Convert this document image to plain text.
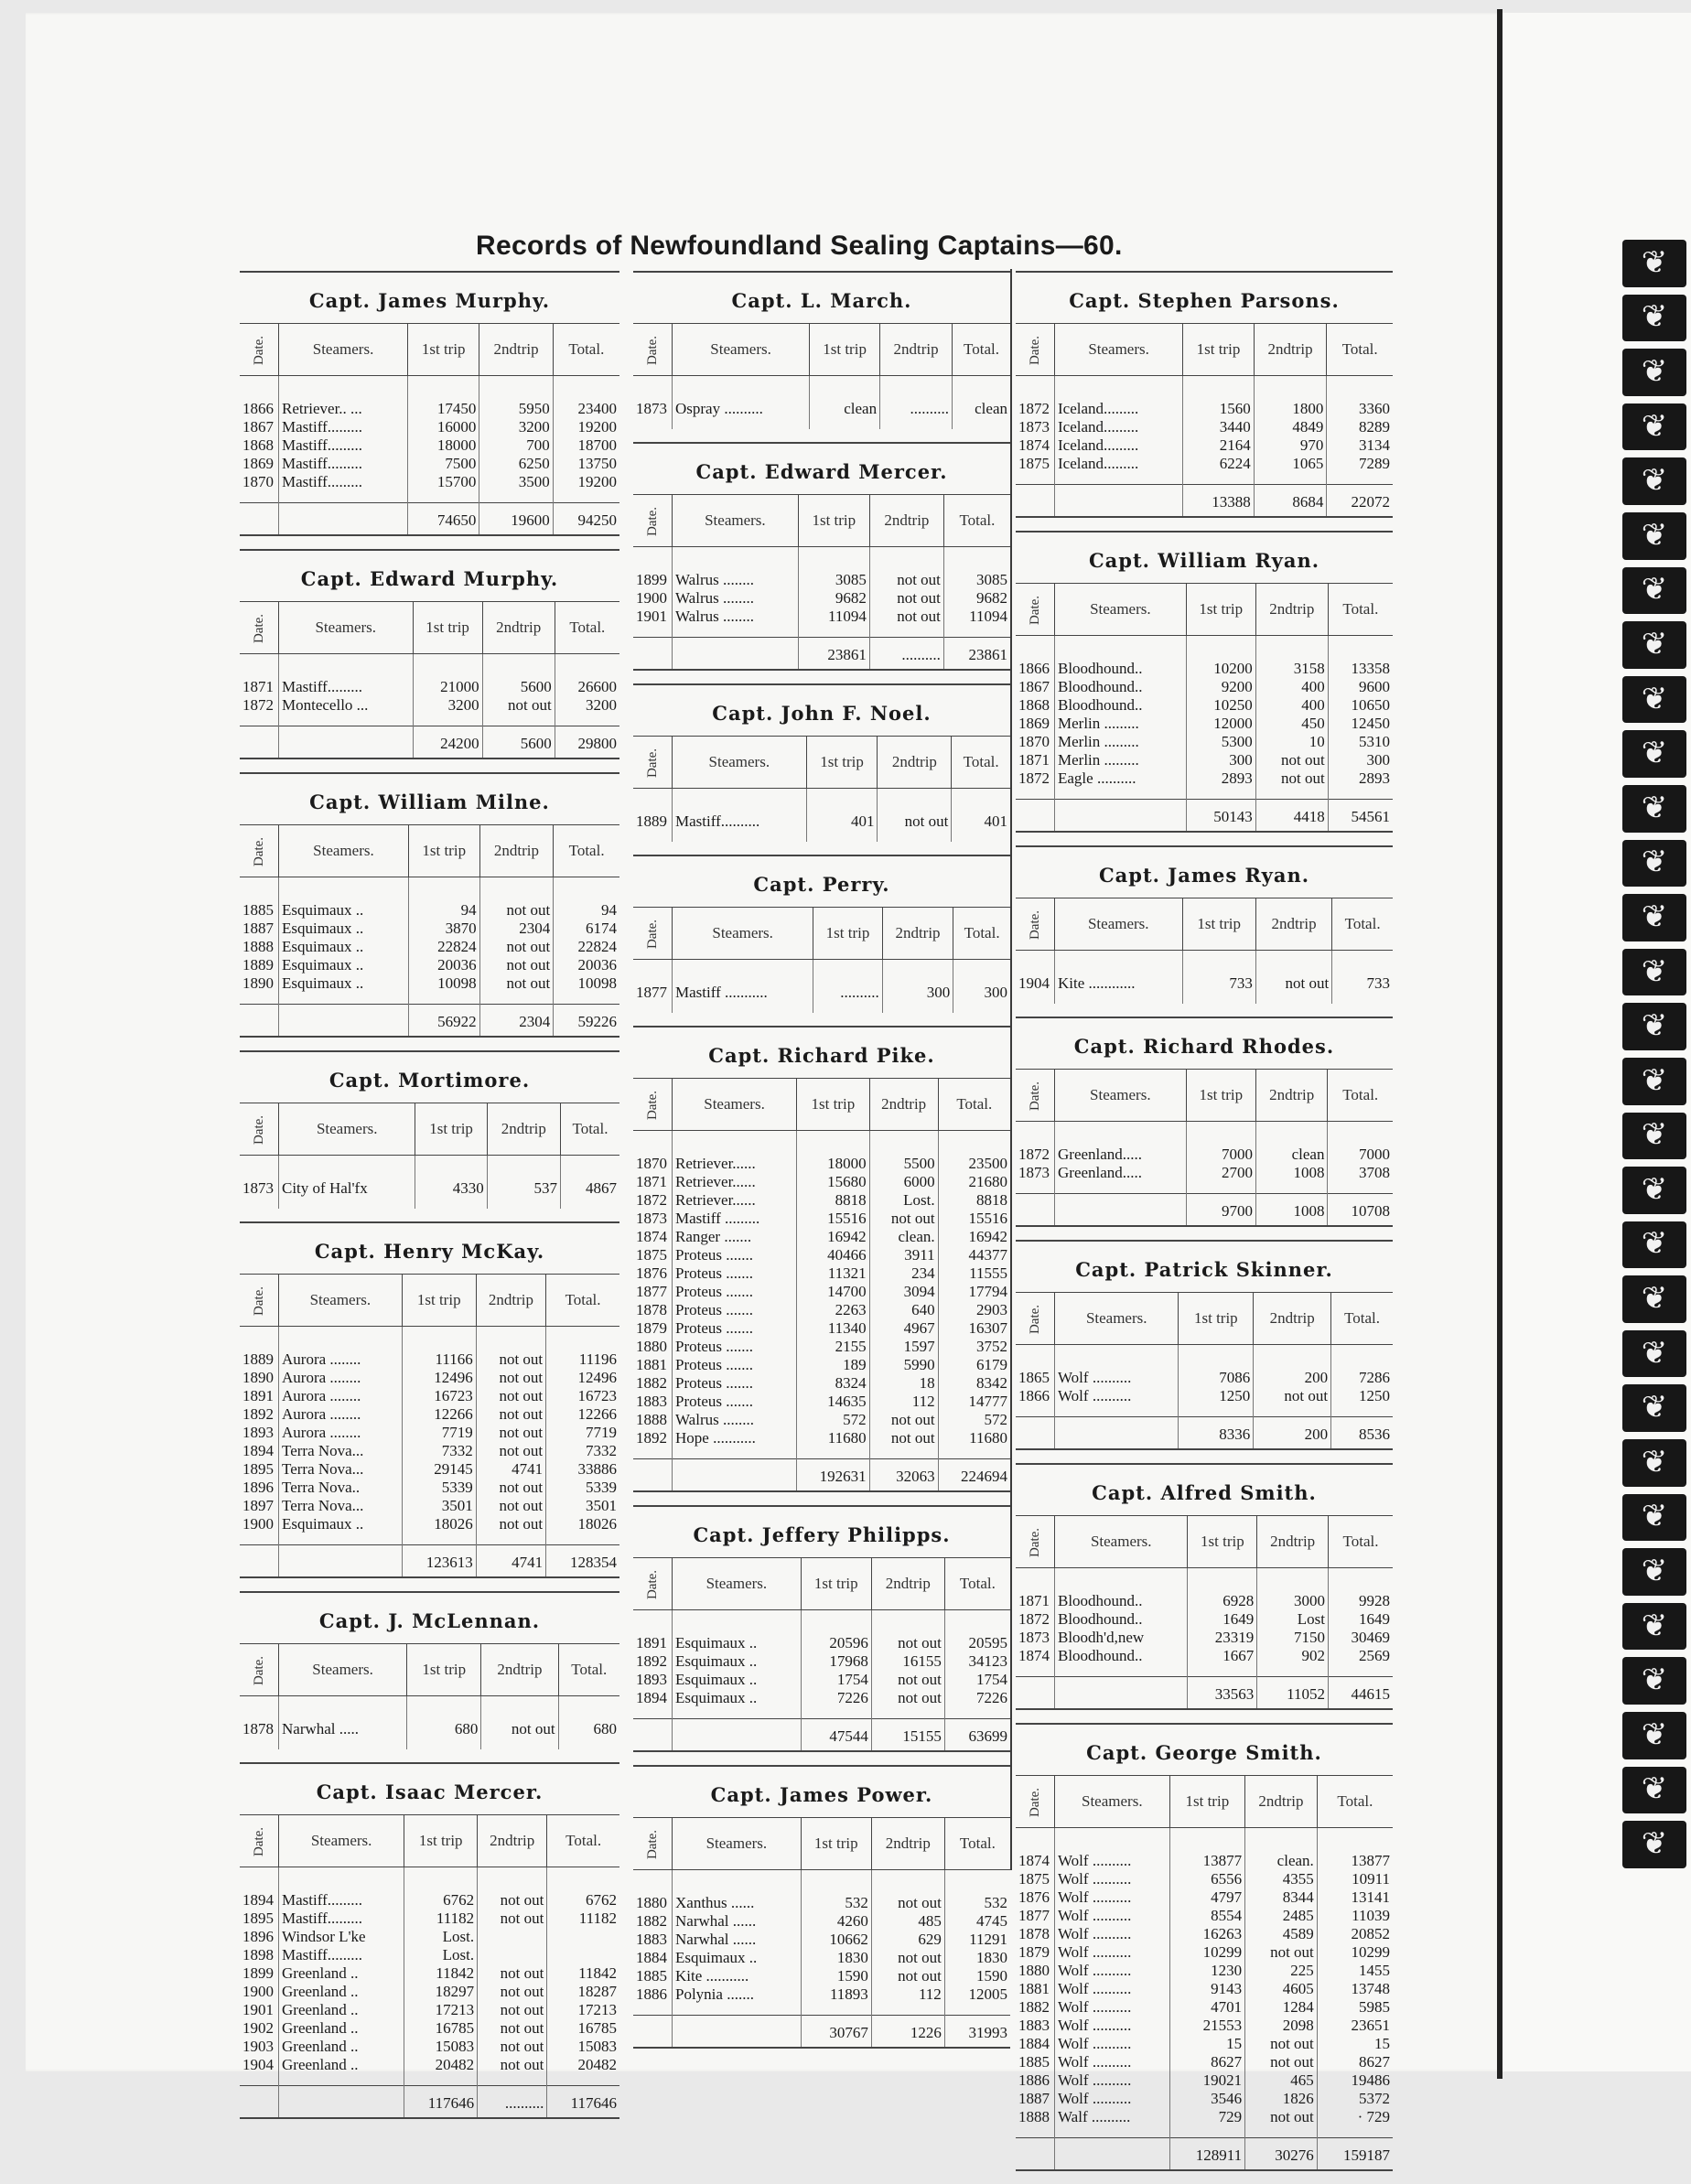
❦
❦
❦
❦
❦
❦
❦
❦
❦
❦
❦
❦
❦
❦
❦
❦
❦
❦
❦
❦
❦
❦
❦
❦
❦
❦
❦
❦
❦
❦
Records of Newfoundland Sealing Captains—60.
Capt. James Murphy.
Date.	Steamers.	1st trip	2ndtrip	Total.
1866	Retriever.. ...	17450	5950	23400
1867	Mastiff.........	16000	3200	19200
1868	Mastiff.........	18000	700	18700
1869	Mastiff.........	7500	6250	13750
1870	Mastiff.........	15700	3500	19200
		74650	19600	94250
Capt. Edward Murphy.
Date.	Steamers.	1st trip	2ndtrip	Total.
1871	Mastiff.........	21000	5600	26600
1872	Montecello ...	3200	not out	3200
		24200	5600	29800
Capt. William Milne.
Date.	Steamers.	1st trip	2ndtrip	Total.
1885	Esquimaux ..	94	not out	94
1887	Esquimaux ..	3870	2304	6174
1888	Esquimaux ..	22824	not out	22824
1889	Esquimaux ..	20036	not out	20036
1890	Esquimaux ..	10098	not out	10098
		56922	2304	59226
Capt. Mortimore.
Date.	Steamers.	1st trip	2ndtrip	Total.
1873	City of Hal'fx	4330	537	4867
Capt. Henry McKay.
Date.	Steamers.	1st trip	2ndtrip	Total.
1889	Aurora ........	11166	not out	11196
1890	Aurora ........	12496	not out	12496
1891	Aurora ........	16723	not out	16723
1892	Aurora ........	12266	not out	12266
1893	Aurora ........	7719	not out	7719
1894	Terra Nova...	7332	not out	7332
1895	Terra Nova...	29145	4741	33886
1896	Terra Nova..	5339	not out	5339
1897	Terra Nova...	3501	not out	3501
1900	Esquimaux ..	18026	not out	18026
		123613	4741	128354
Capt. J. McLennan.
Date.	Steamers.	1st trip	2ndtrip	Total.
1878	Narwhal .....	680	not out	680
Capt. Isaac Mercer.
Date.	Steamers.	1st trip	2ndtrip	Total.
1894	Mastiff.........	6762	not out	6762
1895	Mastiff.........	11182	not out	11182
1896	Windsor L'ke	Lost.		
1898	Mastiff.........	Lost.		
1899	Greenland ..	11842	not out	11842
1900	Greenland ..	18297	not out	18287
1901	Greenland ..	17213	not out	17213
1902	Greenland ..	16785	not out	16785
1903	Greenland ..	15083	not out	15083
1904	Greenland ..	20482	not out	20482
		117646	..........	117646
Capt. L. March.
Date.	Steamers.	1st trip	2ndtrip	Total.
1873	Ospray ..........	clean	..........	clean
Capt. Edward Mercer.
Date.	Steamers.	1st trip	2ndtrip	Total.
1899	Walrus ........	3085	not out	3085
1900	Walrus ........	9682	not out	9682
1901	Walrus ........	11094	not out	11094
		23861	..........	23861
Capt. John F. Noel.
Date.	Steamers.	1st trip	2ndtrip	Total.
1889	Mastiff..........	401	not out	401
Capt. Perry.
Date.	Steamers.	1st trip	2ndtrip	Total.
1877	Mastiff ...........	..........	300	300
Capt. Richard Pike.
Date.	Steamers.	1st trip	2ndtrip	Total.
1870	Retriever......	18000	5500	23500
1871	Retriever......	15680	6000	21680
1872	Retriever......	8818	Lost.	8818
1873	Mastiff .........	15516	not out	15516
1874	Ranger .......	16942	clean.	16942
1875	Proteus .......	40466	3911	44377
1876	Proteus .......	11321	234	11555
1877	Proteus .......	14700	3094	17794
1878	Proteus .......	2263	640	2903
1879	Proteus .......	11340	4967	16307
1880	Proteus .......	2155	1597	3752
1881	Proteus .......	189	5990	6179
1882	Proteus .......	8324	18	8342
1883	Proteus .......	14635	112	14777
1888	Walrus ........	572	not out	572
1892	Hope ...........	11680	not out	11680
		192631	32063	224694
Capt. Jeffery Philipps.
Date.	Steamers.	1st trip	2ndtrip	Total.
1891	Esquimaux ..	20596	not out	20595
1892	Esquimaux ..	17968	16155	34123
1893	Esquimaux ..	1754	not out	1754
1894	Esquimaux ..	7226	not out	7226
		47544	15155	63699
Capt. James Power.
Date.	Steamers.	1st trip	2ndtrip	Total.
1880	Xanthus ......	532	not out	532
1882	Narwhal ......	4260	485	4745
1883	Narwhal ......	10662	629	11291
1884	Esquimaux ..	1830	not out	1830
1885	Kite ...........	1590	not out	1590
1886	Polynia .......	11893	112	12005
		30767	1226	31993
Capt. Stephen Parsons.
Date.	Steamers.	1st trip	2ndtrip	Total.
1872	Iceland.........	1560	1800	3360
1873	Iceland.........	3440	4849	8289
1874	Iceland.........	2164	970	3134
1875	Iceland.........	6224	1065	7289
		13388	8684	22072
Capt. William Ryan.
Date.	Steamers.	1st trip	2ndtrip	Total.
1866	Bloodhound..	10200	3158	13358
1867	Bloodhound..	9200	400	9600
1868	Bloodhound..	10250	400	10650
1869	Merlin .........	12000	450	12450
1870	Merlin .........	5300	10	5310
1871	Merlin .........	300	not out	300
1872	Eagle ..........	2893	not out	2893
		50143	4418	54561
Capt. James Ryan.
Date.	Steamers.	1st trip	2ndtrip	Total.
1904	Kite ............	733	not out	733
Capt. Richard Rhodes.
Date.	Steamers.	1st trip	2ndtrip	Total.
1872	Greenland.....	7000	clean	7000
1873	Greenland.....	2700	1008	3708
		9700	1008	10708
Capt. Patrick Skinner.
Date.	Steamers.	1st trip	2ndtrip	Total.
1865	Wolf ..........	7086	200	7286
1866	Wolf ..........	1250	not out	1250
		8336	200	8536
Capt. Alfred Smith.
Date.	Steamers.	1st trip	2ndtrip	Total.
1871	Bloodhound..	6928	3000	9928
1872	Bloodhound..	1649	Lost	1649
1873	Bloodh'd,new	23319	7150	30469
1874	Bloodhound..	1667	902	2569
		33563	11052	44615
Capt. George Smith.
Date.	Steamers.	1st trip	2ndtrip	Total.
1874	Wolf ..........	13877	clean.	13877
1875	Wolf ..........	6556	4355	10911
1876	Wolf ..........	4797	8344	13141
1877	Wolf ..........	8554	2485	11039
1878	Wolf ..........	16263	4589	20852
1879	Wolf ..........	10299	not out	10299
1880	Wolf ..........	1230	225	1455
1881	Wolf ..........	9143	4605	13748
1882	Wolf ..........	4701	1284	5985
1883	Wolf ..........	21553	2098	23651
1884	Wolf ..........	15	not out	15
1885	Wolf ..........	8627	not out	8627
1886	Wolf ..........	19021	465	19486
1887	Wolf ..........	3546	1826	5372
1888	Walf ..........	729	not out	· 729
		128911	30276	159187
